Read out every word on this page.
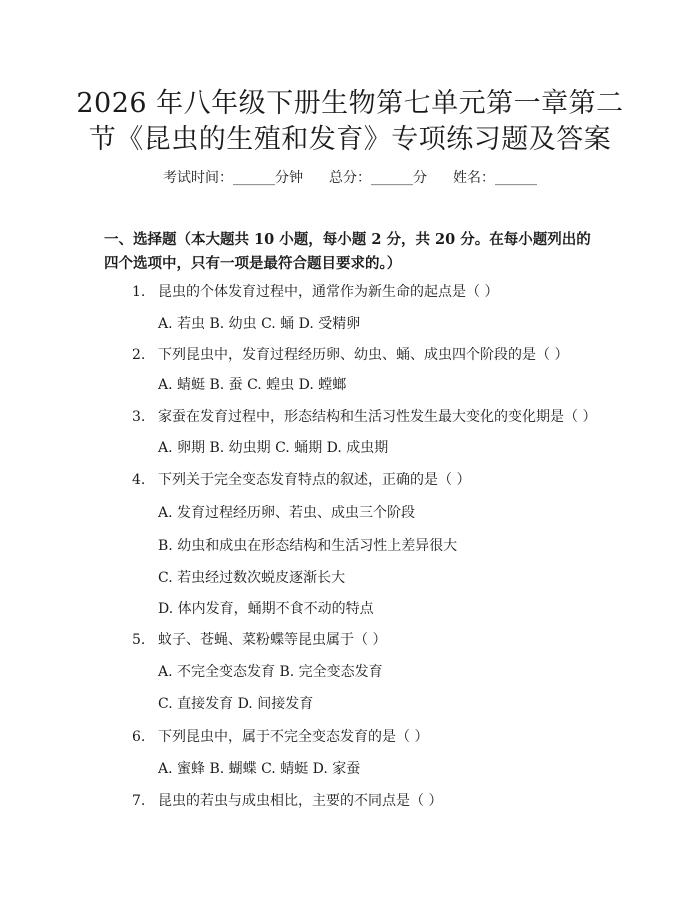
2026 年八年级下册生物第七单元第一章第二
节《昆虫的生殖和发育》专项练习题及答案
考试时间：______分钟 总分：______分 姓名：______
一、选择题（本大题共 10 小题，每小题 2 分，共 20 分。在每小题列出的四个选项中，只有一项是最符合题目要求的。）
1. 昆虫的个体发育过程中，通常作为新生命的起点是（ ）
A. 若虫 B. 幼虫 C. 蛹 D. 受精卵
2. 下列昆虫中，发育过程经历卵、幼虫、蛹、成虫四个阶段的是（ ）
A. 蜻蜓 B. 蚕 C. 蝗虫 D. 螳螂
3. 家蚕在发育过程中，形态结构和生活习性发生最大变化的变化期是（ ）
A. 卵期 B. 幼虫期 C. 蛹期 D. 成虫期
4. 下列关于完全变态发育特点的叙述，正确的是（ ）
A. 发育过程经历卵、若虫、成虫三个阶段
B. 幼虫和成虫在形态结构和生活习性上差异很大
C. 若虫经过数次蜕皮逐渐长大
D. 体内发育，蛹期不食不动的特点
5. 蚊子、苍蝇、菜粉蝶等昆虫属于（ ）
A. 不完全变态发育 B. 完全变态发育
C. 直接发育 D. 间接发育
6. 下列昆虫中，属于不完全变态发育的是（ ）
A. 蜜蜂 B. 蝴蝶 C. 蜻蜓 D. 家蚕
7. 昆虫的若虫与成虫相比，主要的不同点是（ ）
